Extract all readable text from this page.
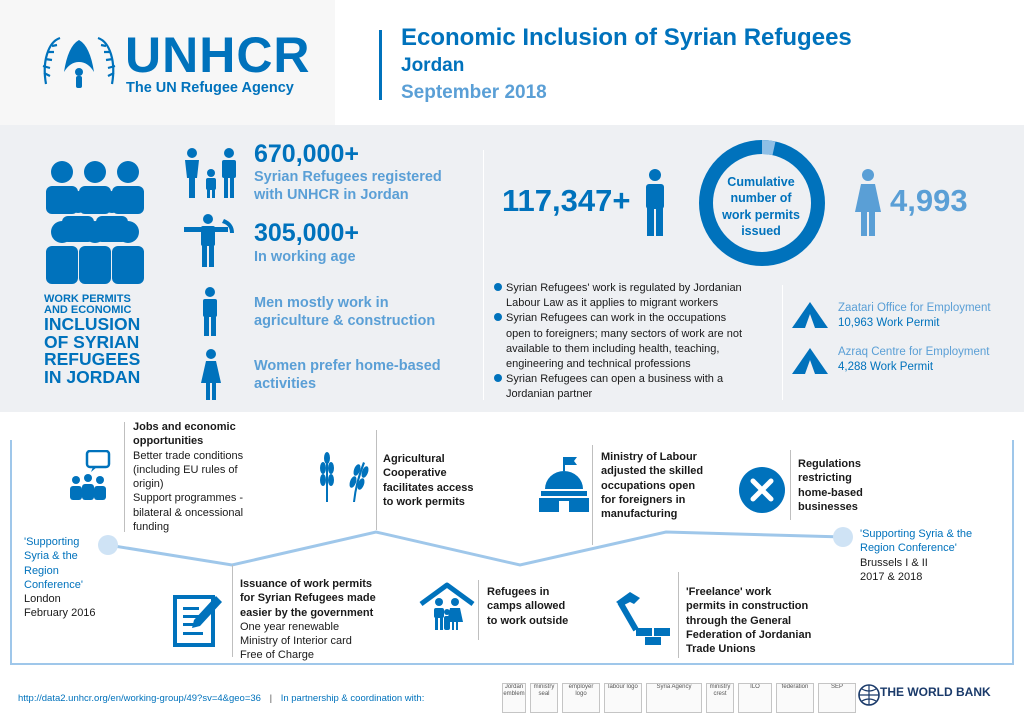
UNHCR
The UN Refugee Agency
Economic Inclusion of Syrian Refugees
Jordan
September 2018
WORK PERMITS
AND ECONOMIC
INCLUSION
OF SYRIAN
REFUGEES
IN JORDAN
670,000+
Syrian Refugees registered
with UNHCR in Jordan
305,000+
In working age
Men mostly work in
agriculture & construction
Women prefer home-based
activities
117,347+
Cumulative
number of
work permits
issued
4,993
Syrian Refugees' work is regulated by Jordanian
Labour Law as it applies to migrant workers
Syrian Refugees can work in the occupations
open to foreigners; many sectors of work are not
available to them including health, teaching,
engineering and technical professions
Syrian Refugees can open a business with a
Jordanian partner
Zaatari Office for Employment
10,963 Work Permit
Azraq Centre for Employment
4,288 Work Permit
'Supporting
Syria & the
Region
Conference'
London
February 2016
Jobs and economic
opportunities
Better trade conditions
(including EU rules of
origin)
Support programmes -
bilateral & oncessional
funding
Agricultural
Cooperative
facilitates access
to work permits
Ministry of Labour
adjusted the skilled
occupations open
for foreigners in
manufacturing
Regulations
restricting
home-based
businesses
'Supporting Syria & the
Region Conference'
Brussels I & II
2017 & 2018
Issuance of work permits
for Syrian Refugees made
easier by the government
One year renewable
Ministry of Interior card
Free of Charge
Refugees in
camps allowed
to work outside
'Freelance' work
permits in construction
through the General
Federation of Jordanian
Trade Unions
http://data2.unhcr.org/en/working-group/49?sv=4&geo=36 | In partnership & coordination with:
Jordan emblem
ministry seal
employer logo
labour logo	Syria Agency	ministry crest
ILO	federation	SEP	THE WORLD BANK
